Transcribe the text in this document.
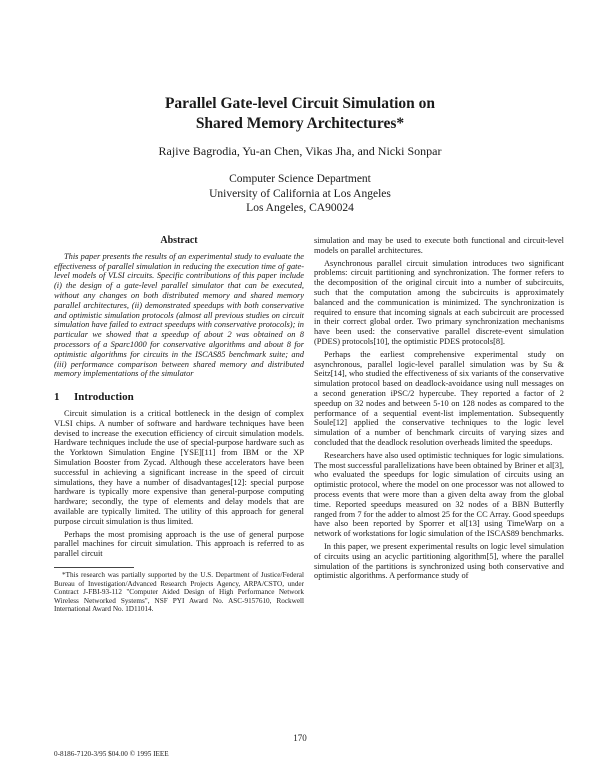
Parallel Gate-level Circuit Simulation on
Shared Memory Architectures*
Rajive Bagrodia, Yu-an Chen, Vikas Jha, and Nicki Sonpar
Computer Science Department
University of California at Los Angeles
Los Angeles, CA90024
Abstract

This paper presents the results of an experimental study to evaluate the effectiveness of parallel simulation in reducing the execution time of gate-level models of VLSI circuits. Specific contributions of this paper include (i) the design of a gate-level parallel simulator that can be executed, without any changes on both distributed memory and shared memory parallel architectures, (ii) demonstrated speedups with both conservative and optimistic simulation protocols (almost all previous studies on circuit simulation have failed to extract speedups with conservative protocols); in particular we showed that a speedup of about 2 was obtained on 8 processors of a Sparc1000 for conservative algorithms and about 8 for optimistic algorithms for circuits in the ISCAS85 benchmark suite; and (iii) performance comparison between shared memory and distributed memory implementations of the simulator

1 Introduction

Circuit simulation is a critical bottleneck in the design of complex VLSI chips. A number of software and hardware techniques have been devised to increase the execution efficiency of circuit simulation models. Hardware techniques include the use of special-purpose hardware such as the Yorktown Simulation Engine [YSE][11] from IBM or the XP Simulation Booster from Zycad. Although these accelerators have been successful in achieving a significant increase in the speed of circuit simulations, they have a number of disadvantages[12]: special purpose hardware is typically more expensive than general-purpose computing hardware; secondly, the type of elements and delay models that are available are typically limited. The utility of this approach for general purpose circuit simulation is thus limited.

Perhaps the most promising approach is the use of general purpose parallel machines for circuit simulation. This approach is referred to as parallel circuit

*This research was partially supported by the U.S. Department of Justice/Federal Bureau of Investigation/Advanced Research Projects Agency, ARPA/CSTO, under Contract J-FBI-93-112 "Computer Aided Design of High Performance Network Wireless Networked Systems", NSF PYI Award No. ASC-9157610, Rockwell International Award No. 1D11014.

simulation and may be used to execute both functional and circuit-level models on parallel architectures.

Asynchronous parallel circuit simulation introduces two significant problems: circuit partitioning and synchronization. The former refers to the decomposition of the original circuit into a number of subcircuits, such that the computation among the subcircuits is approximately balanced and the communication is minimized. The synchronization is required to ensure that incoming signals at each subcircuit are processed in their correct global order. Two primary synchronization mechanisms have been used: the conservative parallel discrete-event simulation (PDES) protocols[10], the optimistic PDES protocols[8].

Perhaps the earliest comprehensive experimental study on asynchronous, parallel logic-level parallel simulation was by Su & Seitz[14], who studied the effectiveness of six variants of the conservative simulation protocol based on deadlock-avoidance using null messages on a second generation iPSC/2 hypercube. They reported a factor of 2 speedup on 32 nodes and between 5-10 on 128 nodes as compared to the performance of a sequential event-list implementation. Subsequently Soule[12] applied the conservative techniques to the logic level simulation of a number of benchmark circuits of varying sizes and concluded that the deadlock resolution overheads limited the speedups.

Researchers have also used optimistic techniques for logic simulations. The most successful parallelizations have been obtained by Briner et al[3], who evaluated the speedups for logic simulation of circuits using an optimistic protocol, where the model on one processor was not allowed to process events that were more than a given delta away from the global time. Reported speedups measured on 32 nodes of a BBN Butterfly ranged from 7 for the adder to almost 25 for the CC Array. Good speedups have also been reported by Sporrer et al[13] using TimeWarp on a network of workstations for logic simulation of the ISCAS89 benchmarks.

In this paper, we present experimental results on logic level simulation of circuits using an acyclic partitioning algorithm[5], where the parallel simulation of the partitions is synchronized using both conservative and optimistic algorithms. A performance study of

170
0-8186-7120-3/95 $04.00 © 1995 IEEE
